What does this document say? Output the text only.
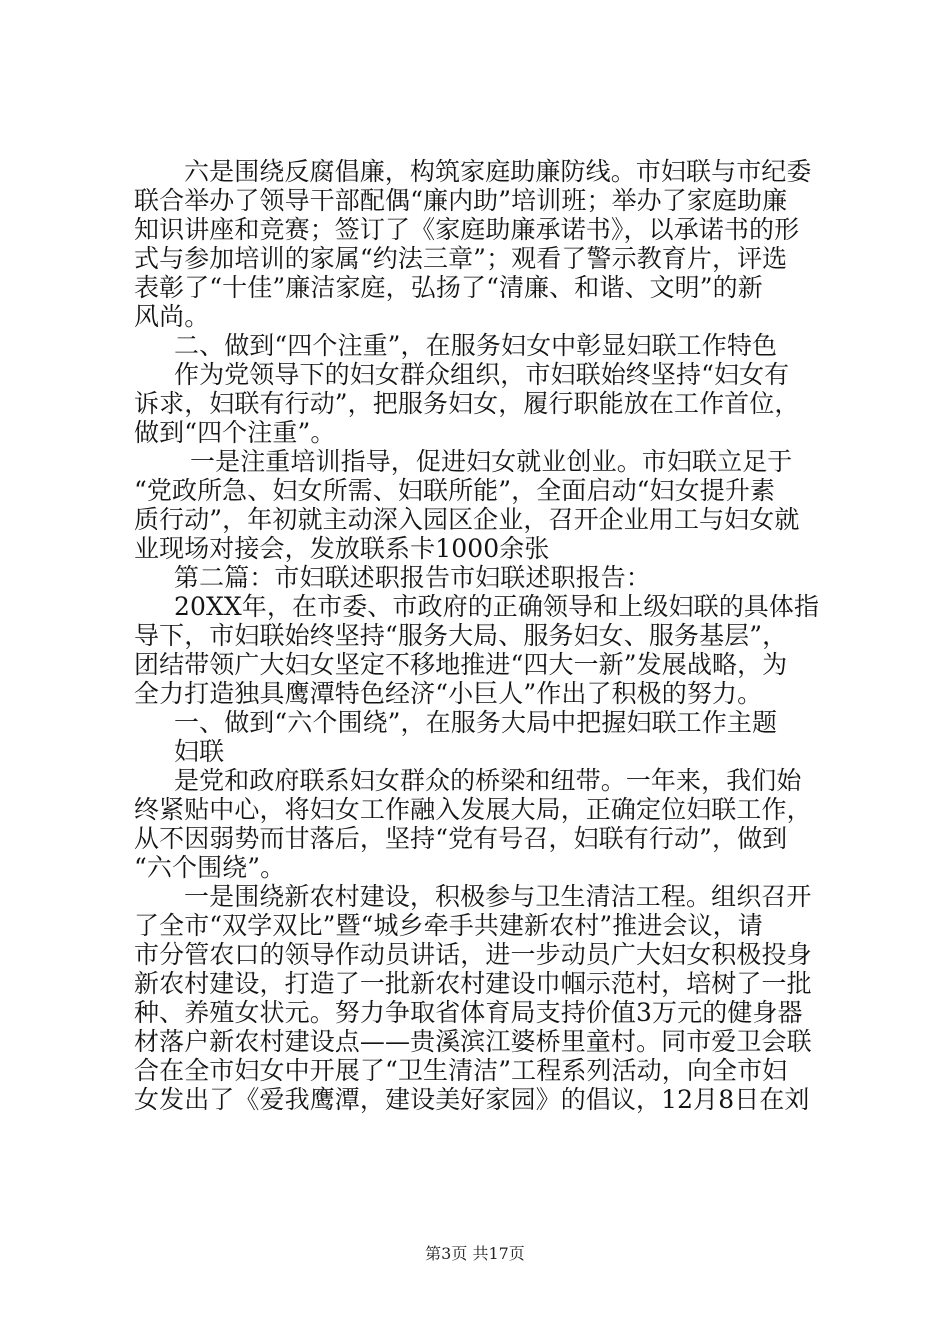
六是围绕反腐倡廉，构筑家庭助廉防线。市妇联与市纪委
联合举办了领导干部配偶“廉内助”培训班；举办了家庭助廉
知识讲座和竞赛；签订了《家庭助廉承诺书》，以承诺书的形
式与参加培训的家属“约法三章”；观看了警示教育片，评选
表彰了“十佳”廉洁家庭，弘扬了“清廉、和谐、文明”的新
风尚。
二、做到“四个注重”，在服务妇女中彰显妇联工作特色
作为党领导下的妇女群众组织，市妇联始终坚持“妇女有
诉求，妇联有行动”，把服务妇女，履行职能放在工作首位，
做到“四个注重”。
一是注重培训指导，促进妇女就业创业。市妇联立足于
“党政所急、妇女所需、妇联所能”，全面启动“妇女提升素
质行动”，年初就主动深入园区企业，召开企业用工与妇女就
业现场对接会，发放联系卡1000余张
第二篇：市妇联述职报告市妇联述职报告：
20XX年，在市委、市政府的正确领导和上级妇联的具体指
导下，市妇联始终坚持“服务大局、服务妇女、服务基层”，
团结带领广大妇女坚定不移地推进“四大一新”发展战略，为
全力打造独具鹰潭特色经济“小巨人”作出了积极的努力。
一、做到“六个围绕”，在服务大局中把握妇联工作主题
妇联
是党和政府联系妇女群众的桥梁和纽带。一年来，我们始
终紧贴中心，将妇女工作融入发展大局，正确定位妇联工作，
从不因弱势而甘落后，坚持“党有号召，妇联有行动”，做到
“六个围绕”。
一是围绕新农村建设，积极参与卫生清洁工程。组织召开
了全市“双学双比”暨“城乡牵手共建新农村”推进会议，请
市分管农口的领导作动员讲话，进一步动员广大妇女积极投身
新农村建设，打造了一批新农村建设巾帼示范村，培树了一批
种、养殖女状元。努力争取省体育局支持价值3万元的健身器
材落户新农村建设点——贵溪滨江婆桥里童村。同市爱卫会联
合在全市妇女中开展了“卫生清洁”工程系列活动，向全市妇
女发出了《爱我鹰潭，建设美好家园》的倡议，12月8日在刘
第3页 共17页
